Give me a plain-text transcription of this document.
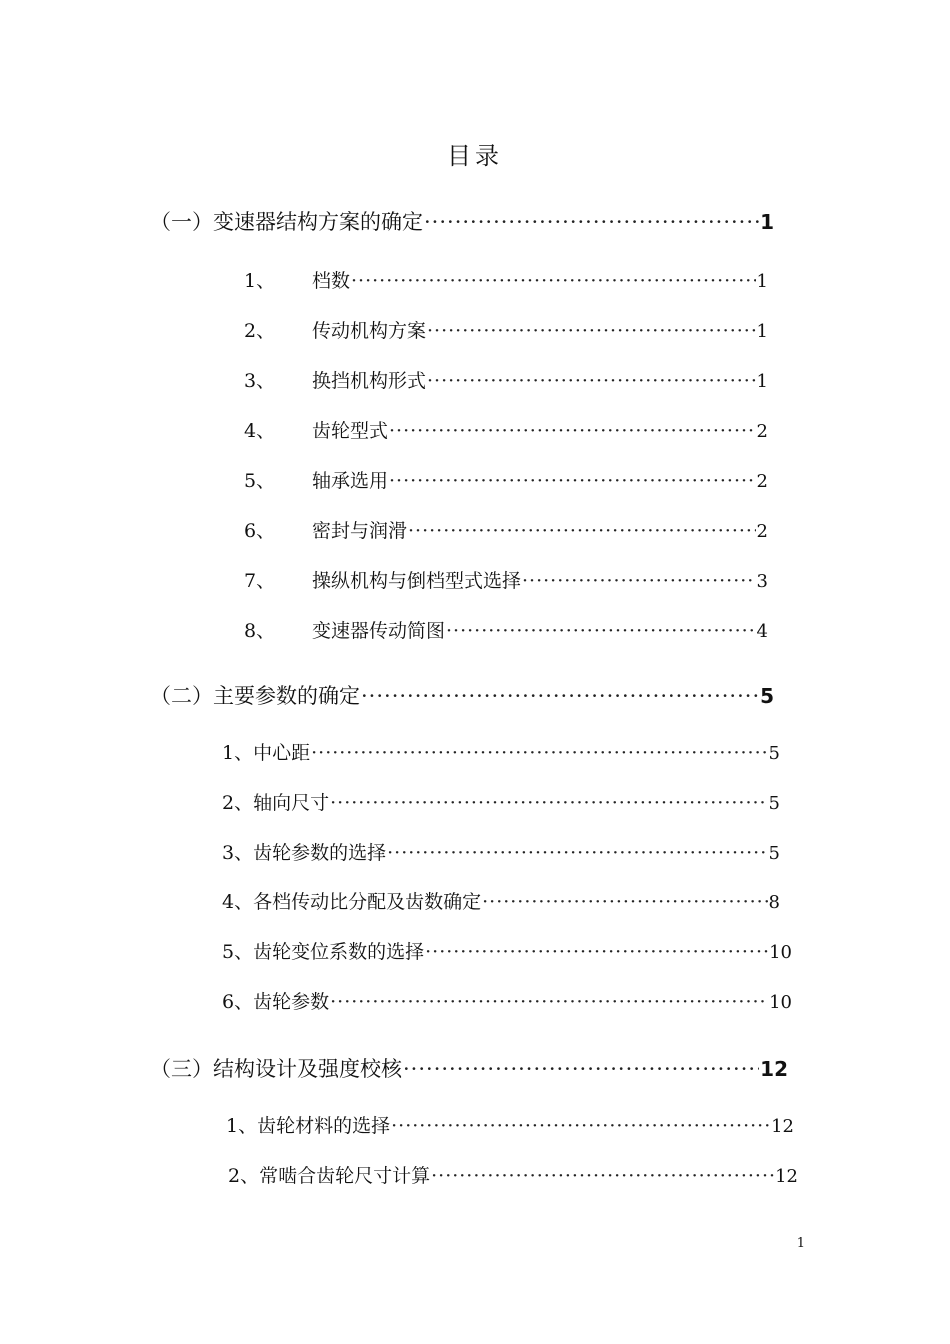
目录
（一）变速器结构方案的确定 ·····	1
1、	档数 ·····	1
2、	传动机构方案 ·····	1
3、	换挡机构形式 ·····	1
4、	齿轮型式 ·····	2
5、	轴承选用 ·····	2
6、	密封与润滑 ·····	2
7、	操纵机构与倒档型式选择 ·····	3
8、	变速器传动简图 ·····	4
（二）主要参数的确定 ·····	5
1、 中心距 ·····	5
2、 轴向尺寸 ·····	5
3、 齿轮参数的选择 ·····	5
4、 各档传动比分配及齿数确定 ·····	8
5、 齿轮变位系数的选择 ·····	10
6、 齿轮参数 ·····	10
（三）结构设计及强度校核 ·····	12
1、 齿轮材料的选择 ·····	12
2、 常啮合齿轮尺寸计算 ·····	12
1
